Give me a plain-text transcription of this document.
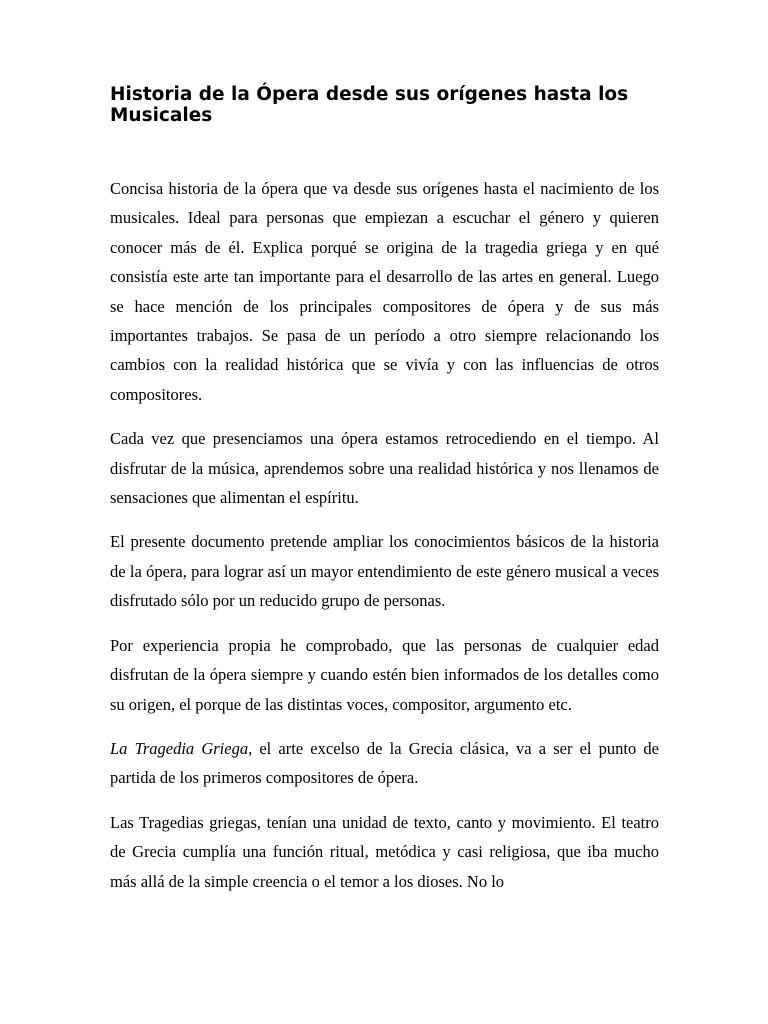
Historia de la Ópera desde sus orígenes hasta los Musicales

Concisa historia de la ópera que va desde sus orígenes hasta el nacimiento de los musicales. Ideal para personas que empiezan a escuchar el género y quieren conocer más de él. Explica porqué se origina de la tragedia griega y en qué consistía este arte tan importante para el desarrollo de las artes en general. Luego se hace mención de los principales compositores de ópera y de sus más importantes trabajos. Se pasa de un período a otro siempre relacionando los cambios con la realidad histórica que se vivía y con las influencias de otros compositores.

Cada vez que presenciamos una ópera estamos retrocediendo en el tiempo. Al disfrutar de la música, aprendemos sobre una realidad histórica y nos llenamos de sensaciones que alimentan el espíritu.

El presente documento pretende ampliar los conocimientos básicos de la historia de la ópera, para lograr así un mayor entendimiento de este género musical a veces disfrutado sólo por un reducido grupo de personas.

Por experiencia propia he comprobado, que las personas de cualquier edad disfrutan de la ópera siempre y cuando estén bien informados de los detalles como su origen, el porque de las distintas voces, compositor, argumento etc.

La Tragedia Griega, el arte excelso de la Grecia clásica, va a ser el punto de partida de los primeros compositores de ópera.

Las Tragedias griegas, tenían una unidad de texto, canto y movimiento. El teatro de Grecia cumplía una función ritual, metódica y casi religiosa, que iba mucho más allá de la simple creencia o el temor a los dioses. No lo
